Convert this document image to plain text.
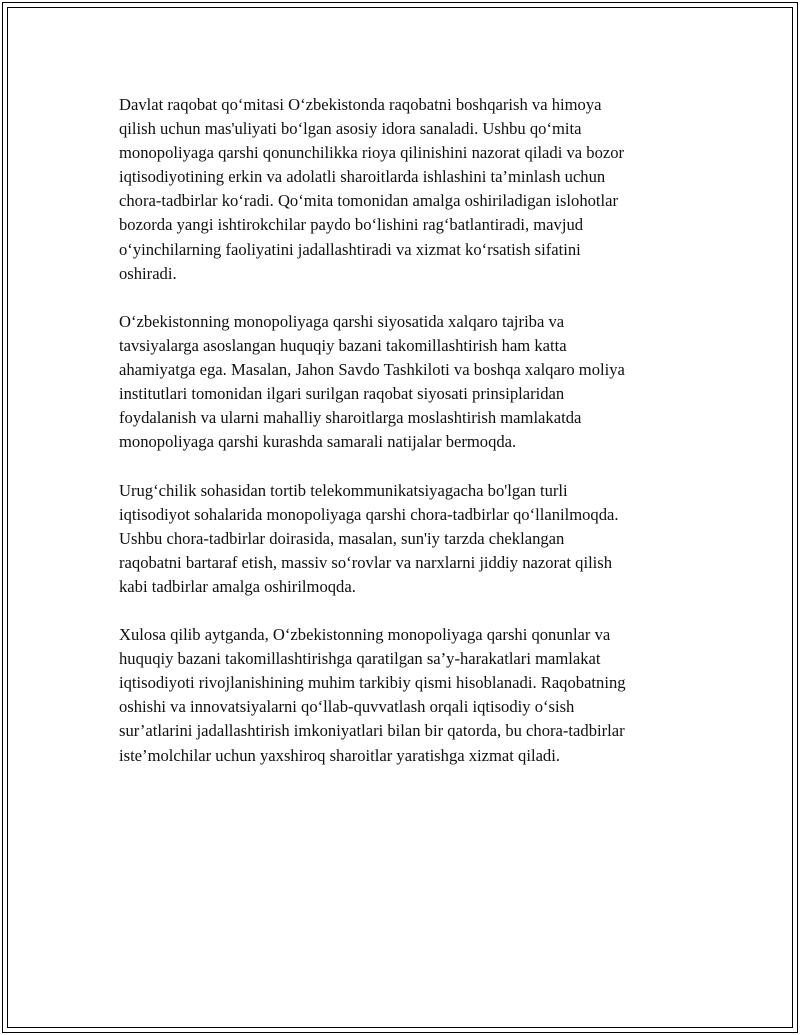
Davlat raqobat qo‘mitasi O‘zbekistonda raqobatni boshqarish va himoya
qilish uchun mas'uliyati bo‘lgan asosiy idora sanaladi. Ushbu qo‘mita
monopoliyaga qarshi qonunchilikka rioya qilinishini nazorat qiladi va bozor
iqtisodiyotining erkin va adolatli sharoitlarda ishlashini ta’minlash uchun
chora-tadbirlar ko‘radi. Qo‘mita tomonidan amalga oshiriladigan islohotlar
bozorda yangi ishtirokchilar paydo bo‘lishini rag‘batlantiradi, mavjud
o‘yinchilarning faoliyatini jadallashtiradi va xizmat ko‘rsatish sifatini
oshiradi.

O‘zbekistonning monopoliyaga qarshi siyosatida xalqaro tajriba va
tavsiyalarga asoslangan huquqiy bazani takomillashtirish ham katta
ahamiyatga ega. Masalan, Jahon Savdo Tashkiloti va boshqa xalqaro moliya
institutlari tomonidan ilgari surilgan raqobat siyosati prinsiplaridan
foydalanish va ularni mahalliy sharoitlarga moslashtirish mamlakatda
monopoliyaga qarshi kurashda samarali natijalar bermoqda.

Urug‘chilik sohasidan tortib telekommunikatsiyagacha bo'lgan turli
iqtisodiyot sohalarida monopoliyaga qarshi chora-tadbirlar qo‘llanilmoqda.
Ushbu chora-tadbirlar doirasida, masalan, sun'iy tarzda cheklangan
raqobatni bartaraf etish, massiv so‘rovlar va narxlarni jiddiy nazorat qilish
kabi tadbirlar amalga oshirilmoqda.

Xulosa qilib aytganda, O‘zbekistonning monopoliyaga qarshi qonunlar va
huquqiy bazani takomillashtirishga qaratilgan sa’y-harakatlari mamlakat
iqtisodiyoti rivojlanishining muhim tarkibiy qismi hisoblanadi. Raqobatning
oshishi va innovatsiyalarni qo‘llab-quvvatlash orqali iqtisodiy o‘sish
sur’atlarini jadallashtirish imkoniyatlari bilan bir qatorda, bu chora-tadbirlar
iste’molchilar uchun yaxshiroq sharoitlar yaratishga xizmat qiladi.
